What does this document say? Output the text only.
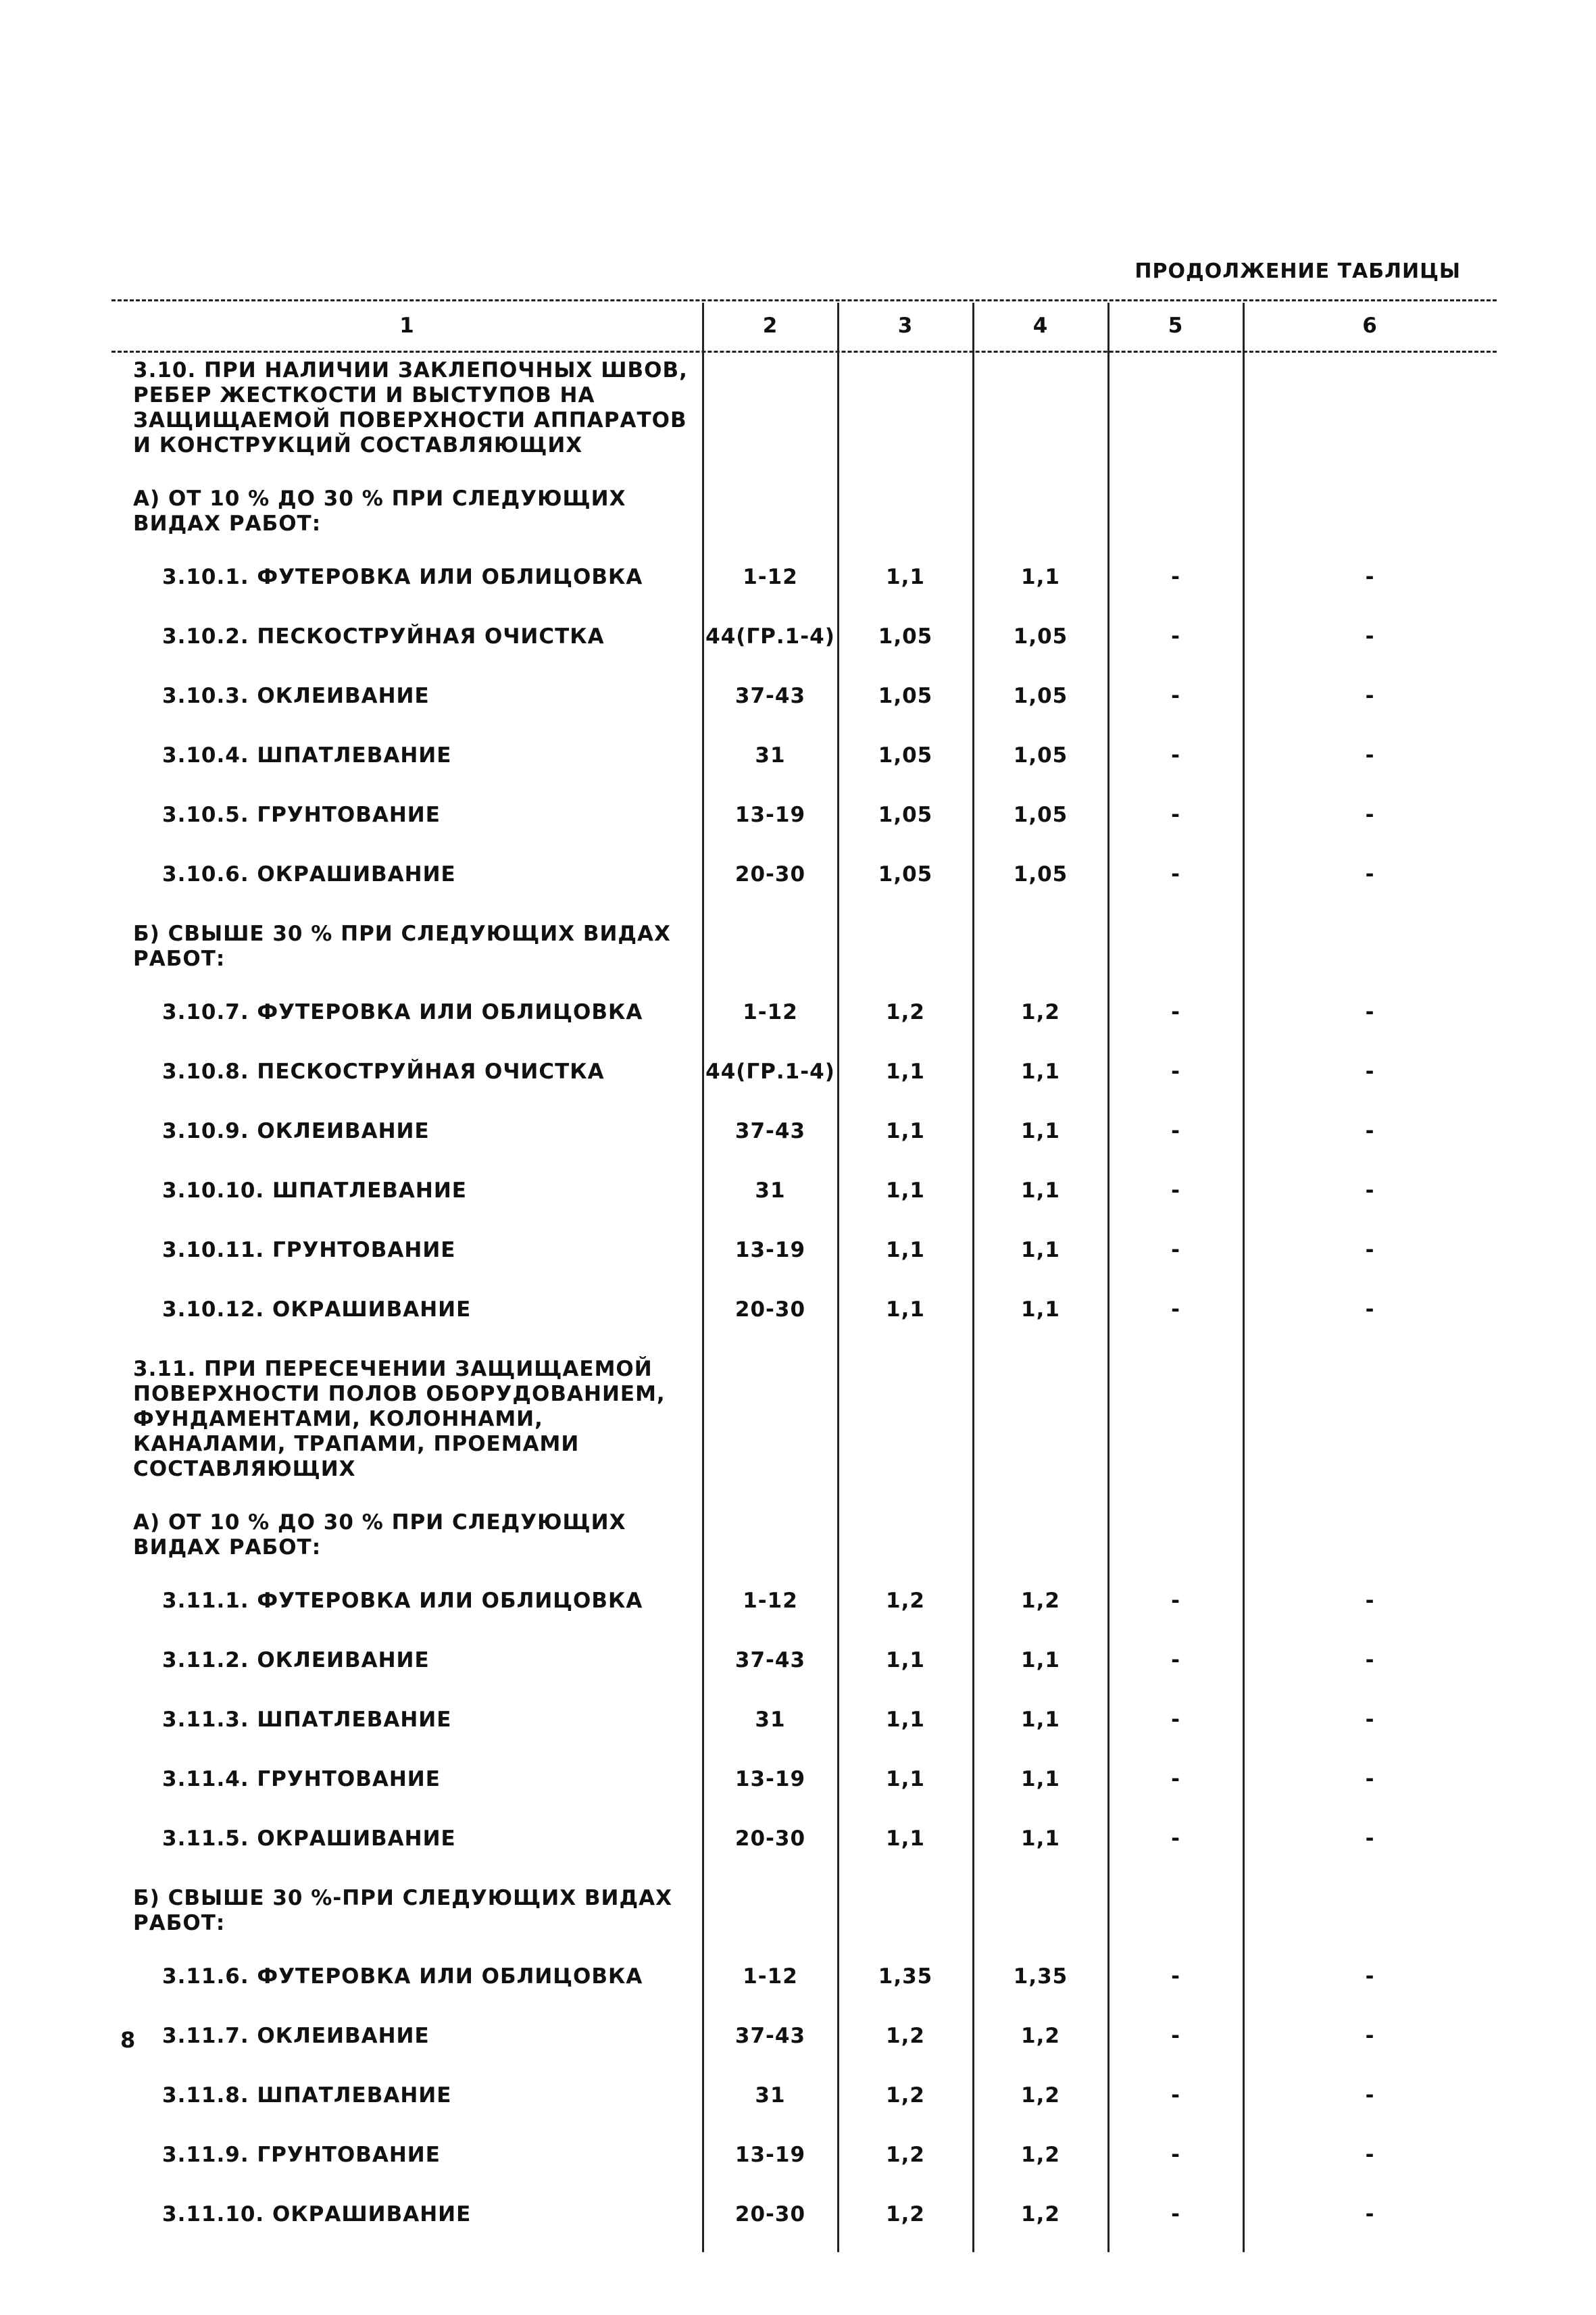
ПРОДОЛЖЕНИЕ ТАБЛИЦЫ
1	2	3	4	5	6
3.10. ПРИ НАЛИЧИИ ЗАКЛЕПОЧНЫХ ШВОВ, РЕБЕР ЖЕСТКОСТИ И ВЫСТУПОВ НА ЗАЩИЩАЕМОЙ ПОВЕРХНОСТИ АППАРАТОВ И КОНСТРУКЦИЙ СОСТАВЛЯЮЩИХ					
А) ОТ 10 % ДО 30 % ПРИ СЛЕДУЮЩИХ ВИДАХ РАБОТ:					
3.10.1. ФУТЕРОВКА ИЛИ ОБЛИЦОВКА	1-12	1,1	1,1	-	-
3.10.2. ПЕСКОСТРУЙНАЯ ОЧИСТКА	44(ГР.1-4)	1,05	1,05	-	-
3.10.3. ОКЛЕИВАНИЕ	37-43	1,05	1,05	-	-
3.10.4. ШПАТЛЕВАНИЕ	31	1,05	1,05	-	-
3.10.5. ГРУНТОВАНИЕ	13-19	1,05	1,05	-	-
3.10.6. ОКРАШИВАНИЕ	20-30	1,05	1,05	-	-
Б) СВЫШЕ 30 % ПРИ СЛЕДУЮЩИХ ВИДАХ РАБОТ:					
3.10.7. ФУТЕРОВКА ИЛИ ОБЛИЦОВКА	1-12	1,2	1,2	-	-
3.10.8. ПЕСКОСТРУЙНАЯ ОЧИСТКА	44(ГР.1-4)	1,1	1,1	-	-
3.10.9. ОКЛЕИВАНИЕ	37-43	1,1	1,1	-	-
3.10.10. ШПАТЛЕВАНИЕ	31	1,1	1,1	-	-
3.10.11. ГРУНТОВАНИЕ	13-19	1,1	1,1	-	-
3.10.12. ОКРАШИВАНИЕ	20-30	1,1	1,1	-	-
3.11. ПРИ ПЕРЕСЕЧЕНИИ ЗАЩИЩАЕМОЙ ПОВЕРХНОСТИ ПОЛОВ ОБОРУДОВАНИЕМ, ФУНДАМЕНТАМИ, КОЛОННАМИ, КАНАЛАМИ, ТРАПАМИ, ПРОЕМАМИ СОСТАВЛЯЮЩИХ					
А) ОТ 10 % ДО 30 % ПРИ СЛЕДУЮЩИХ ВИДАХ РАБОТ:					
3.11.1. ФУТЕРОВКА ИЛИ ОБЛИЦОВКА	1-12	1,2	1,2	-	-
3.11.2. ОКЛЕИВАНИЕ	37-43	1,1	1,1	-	-
3.11.3. ШПАТЛЕВАНИЕ	31	1,1	1,1	-	-
3.11.4. ГРУНТОВАНИЕ	13-19	1,1	1,1	-	-
3.11.5. ОКРАШИВАНИЕ	20-30	1,1	1,1	-	-
Б) СВЫШЕ 30 %-ПРИ СЛЕДУЮЩИХ ВИДАХ РАБОТ:					
3.11.6. ФУТЕРОВКА ИЛИ ОБЛИЦОВКА	1-12	1,35	1,35	-	-
3.11.7. ОКЛЕИВАНИЕ	37-43	1,2	1,2	-	-
3.11.8. ШПАТЛЕВАНИЕ	31	1,2	1,2	-	-
3.11.9. ГРУНТОВАНИЕ	13-19	1,2	1,2	-	-
3.11.10. ОКРАШИВАНИЕ	20-30	1,2	1,2	-	-
8
